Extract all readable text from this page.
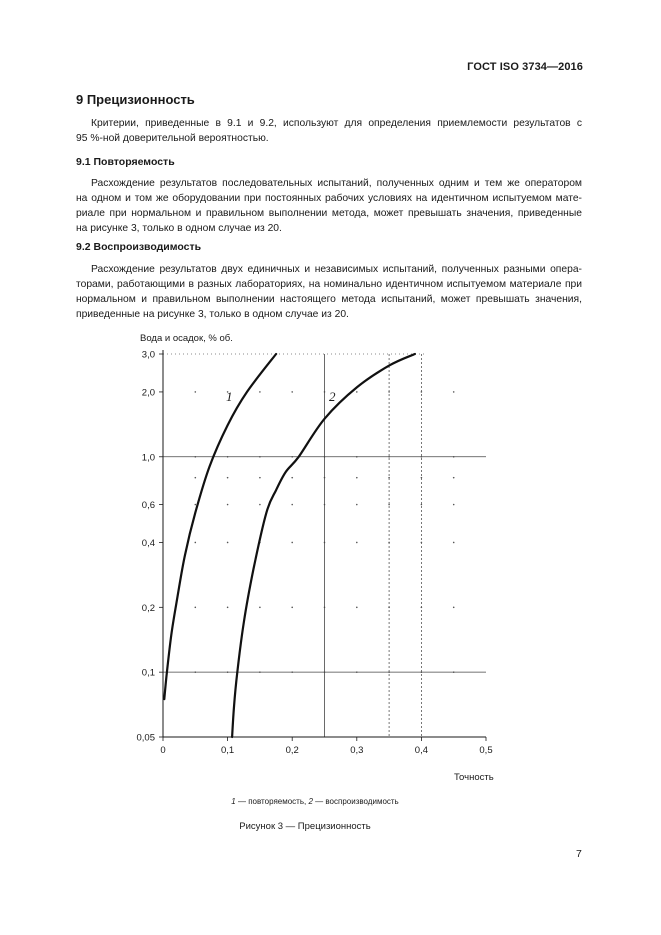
ГОСТ ISO 3734—2016
9 Прецизионность
Критерии, приведенные в 9.1 и 9.2, используют для определения приемлемости результатов с
95 %-ной доверительной вероятностью.
9.1 Повторяемость
Расхождение результатов последовательных испытаний, полученных одним и тем же оператором
на одном и том же оборудовании при постоянных рабочих условиях на идентичном испытуемом мате-
риале при нормальном и правильном выполнении метода, может превышать значения, приведенные
на рисунке 3, только в одном случае из 20.
9.2 Воспроизводимость
Расхождение результатов двух единичных и независимых испытаний, полученных разными опера-
торами, работающими в разных лабораториях, на номинально идентичном испытуемом материале при
нормальном и правильном выполнении настоящего метода испытаний, может превышать значения,
приведенные на рисунке 3, только в одном случае из 20.
0	0,1	0,2	0,3	0,4	0,5
0,05
0,1
0,2
0,4
0,6
1,0
2,0
3,0
Вода и осадок, % об.
Точность
1	2
1 — повторяемость, 2 — воспроизводимость
Рисунок 3 — Прецизионность
7
